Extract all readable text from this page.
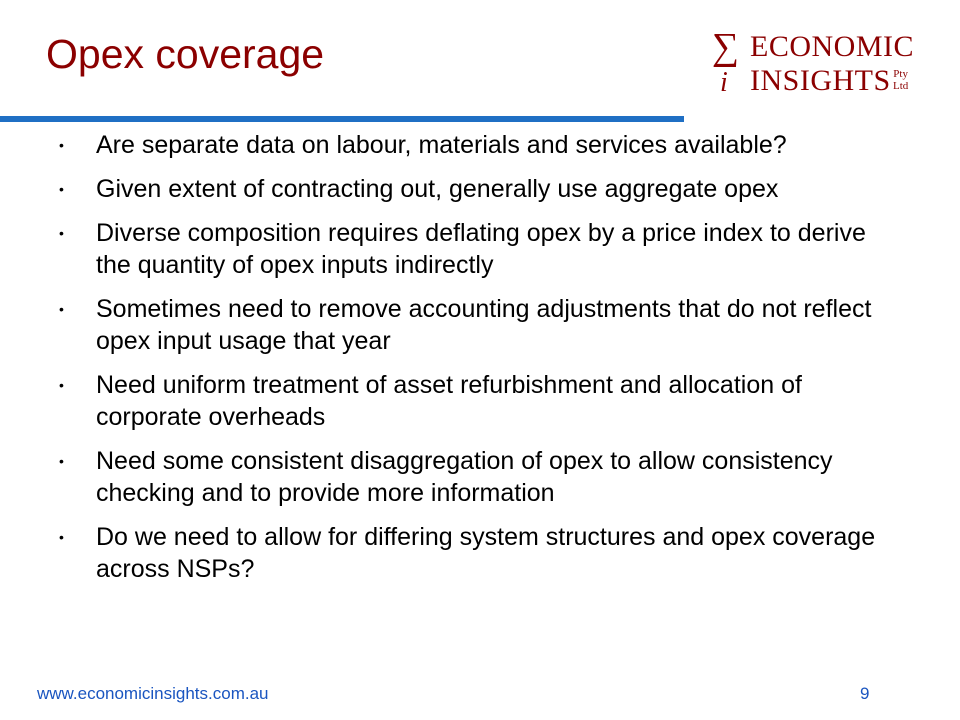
Opex coverage	∑
i
ECONOMIC
INSIGHTS Pty
Ltd
• Are separate data on labour, materials and services available?
• Given extent of contracting out, generally use aggregate opex
• Diverse composition requires deflating opex by a price index to derive the quantity of opex inputs indirectly
• Sometimes need to remove accounting adjustments that do not reflect opex input usage that year
• Need uniform treatment of asset refurbishment and allocation of corporate overheads
• Need some consistent disaggregation of opex to allow consistency checking and to provide more information
• Do we need to allow for differing system structures and opex coverage across NSPs?
www.economicinsights.com.au	9
